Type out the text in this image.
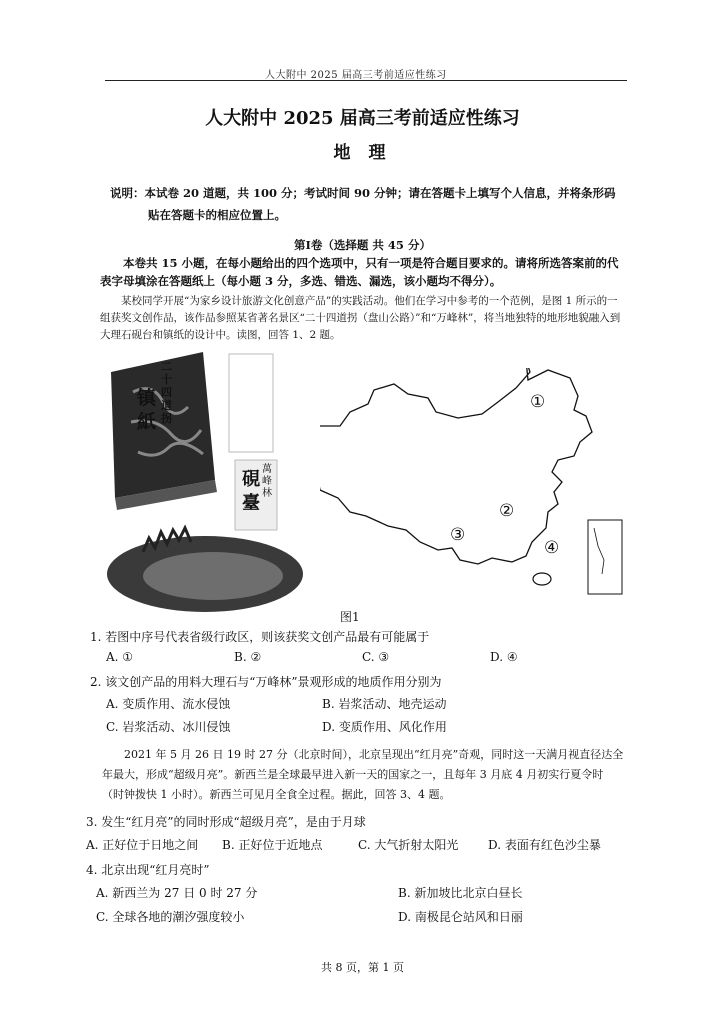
人大附中 2025 届高三考前适应性练习
人大附中 2025 届高三考前适应性练习
地 理
说明：本试卷 20 道题，共 100 分；考试时间 90 分钟；请在答题卡上填写个人信息，并将条形码
贴在答题卡的相应位置上。
第Ⅰ卷（选择题 共 45 分）
本卷共 15 小题，在每小题给出的四个选项中，只有一项是符合题目要求的。请将所选答案前的代表字母填涂在答题纸上（每小题 3 分，多选、错选、漏选，该小题均不得分）。
某校同学开展“为家乡设计旅游文化创意产品”的实践活动。他们在学习中参考的一个范例，是图 1 所示的一组获奖文创作品，该作品参照某省著名景区“二十四道拐（盘山公路）”和“万峰林”，将当地独特的地形地貌融入到大理石砚台和镇纸的设计中。读图，回答 1、2 题。
二十四道拐
镇紙
萬峰林
硯臺
①
②
③
④
图1
1. 若图中序号代表省级行政区，则该获奖文创产品最有可能属于
A. ①	B. ②	C. ③	D. ④
2. 该文创产品的用料大理石与“万峰林”景观形成的地质作用分别为
A. 变质作用、流水侵蚀	B. 岩浆活动、地壳运动
C. 岩浆活动、冰川侵蚀	D. 变质作用、风化作用
2021 年 5 月 26 日 19 时 27 分（北京时间），北京呈现出“红月亮”奇观，同时这一天满月视直径达全年最大，形成“超级月亮”。新西兰是全球最早进入新一天的国家之一，且每年 3 月底 4 月初实行夏令时（时钟拨快 1 小时）。新西兰可见月全食全过程。据此，回答 3、4 题。
3. 发生“红月亮”的同时形成“超级月亮”，是由于月球
A. 正好位于日地之间 B. 正好位于近地点	C. 大气折射太阳光 D. 表面有红色沙尘暴
4. 北京出现“红月亮时”
A. 新西兰为 27 日 0 时 27 分	B. 新加坡比北京白昼长
C. 全球各地的潮汐强度较小	D. 南极昆仑站风和日丽
共 8 页，第 1 页
